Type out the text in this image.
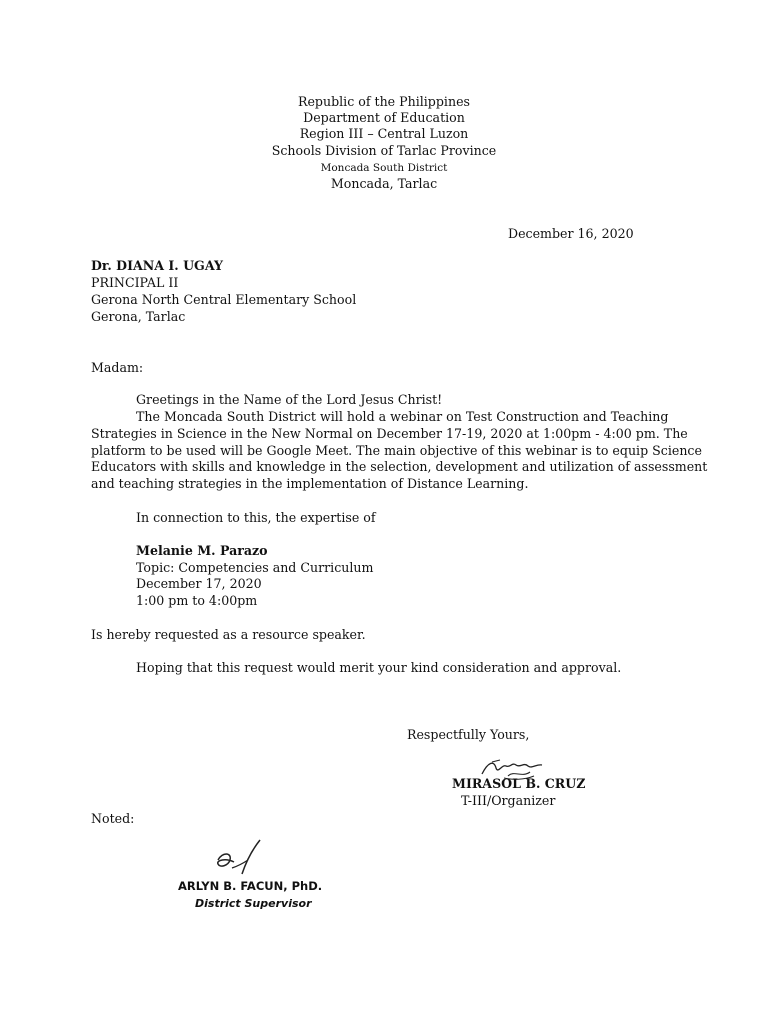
Republic of the Philippines
Department of Education
Region III – Central Luzon
Schools Division of Tarlac Province
Moncada South District
Moncada, Tarlac
December 16, 2020
Dr. DIANA I. UGAY
PRINCIPAL II
Gerona North Central Elementary School
Gerona, Tarlac
Madam:
Greetings in the Name of the Lord Jesus Christ!
The Moncada South District will hold a webinar on Test Construction and Teaching
Strategies in Science in the New Normal on December 17-19, 2020 at 1:00pm - 4:00 pm. The
platform to be used will be Google Meet. The main objective of this webinar is to equip Science
Educators with skills and knowledge in the selection, development and utilization of assessment
and teaching strategies in the implementation of Distance Learning.
In connection to this, the expertise of
Melanie M. Parazo
Topic: Competencies and Curriculum
December 17, 2020
1:00 pm to 4:00pm
Is hereby requested as a resource speaker.
Hoping that this request would merit your kind consideration and approval.
Respectfully Yours,
MIRASOL B. CRUZ
T-III/Organizer
Noted:
ARLYN B. FACUN, PhD.
District Supervisor
